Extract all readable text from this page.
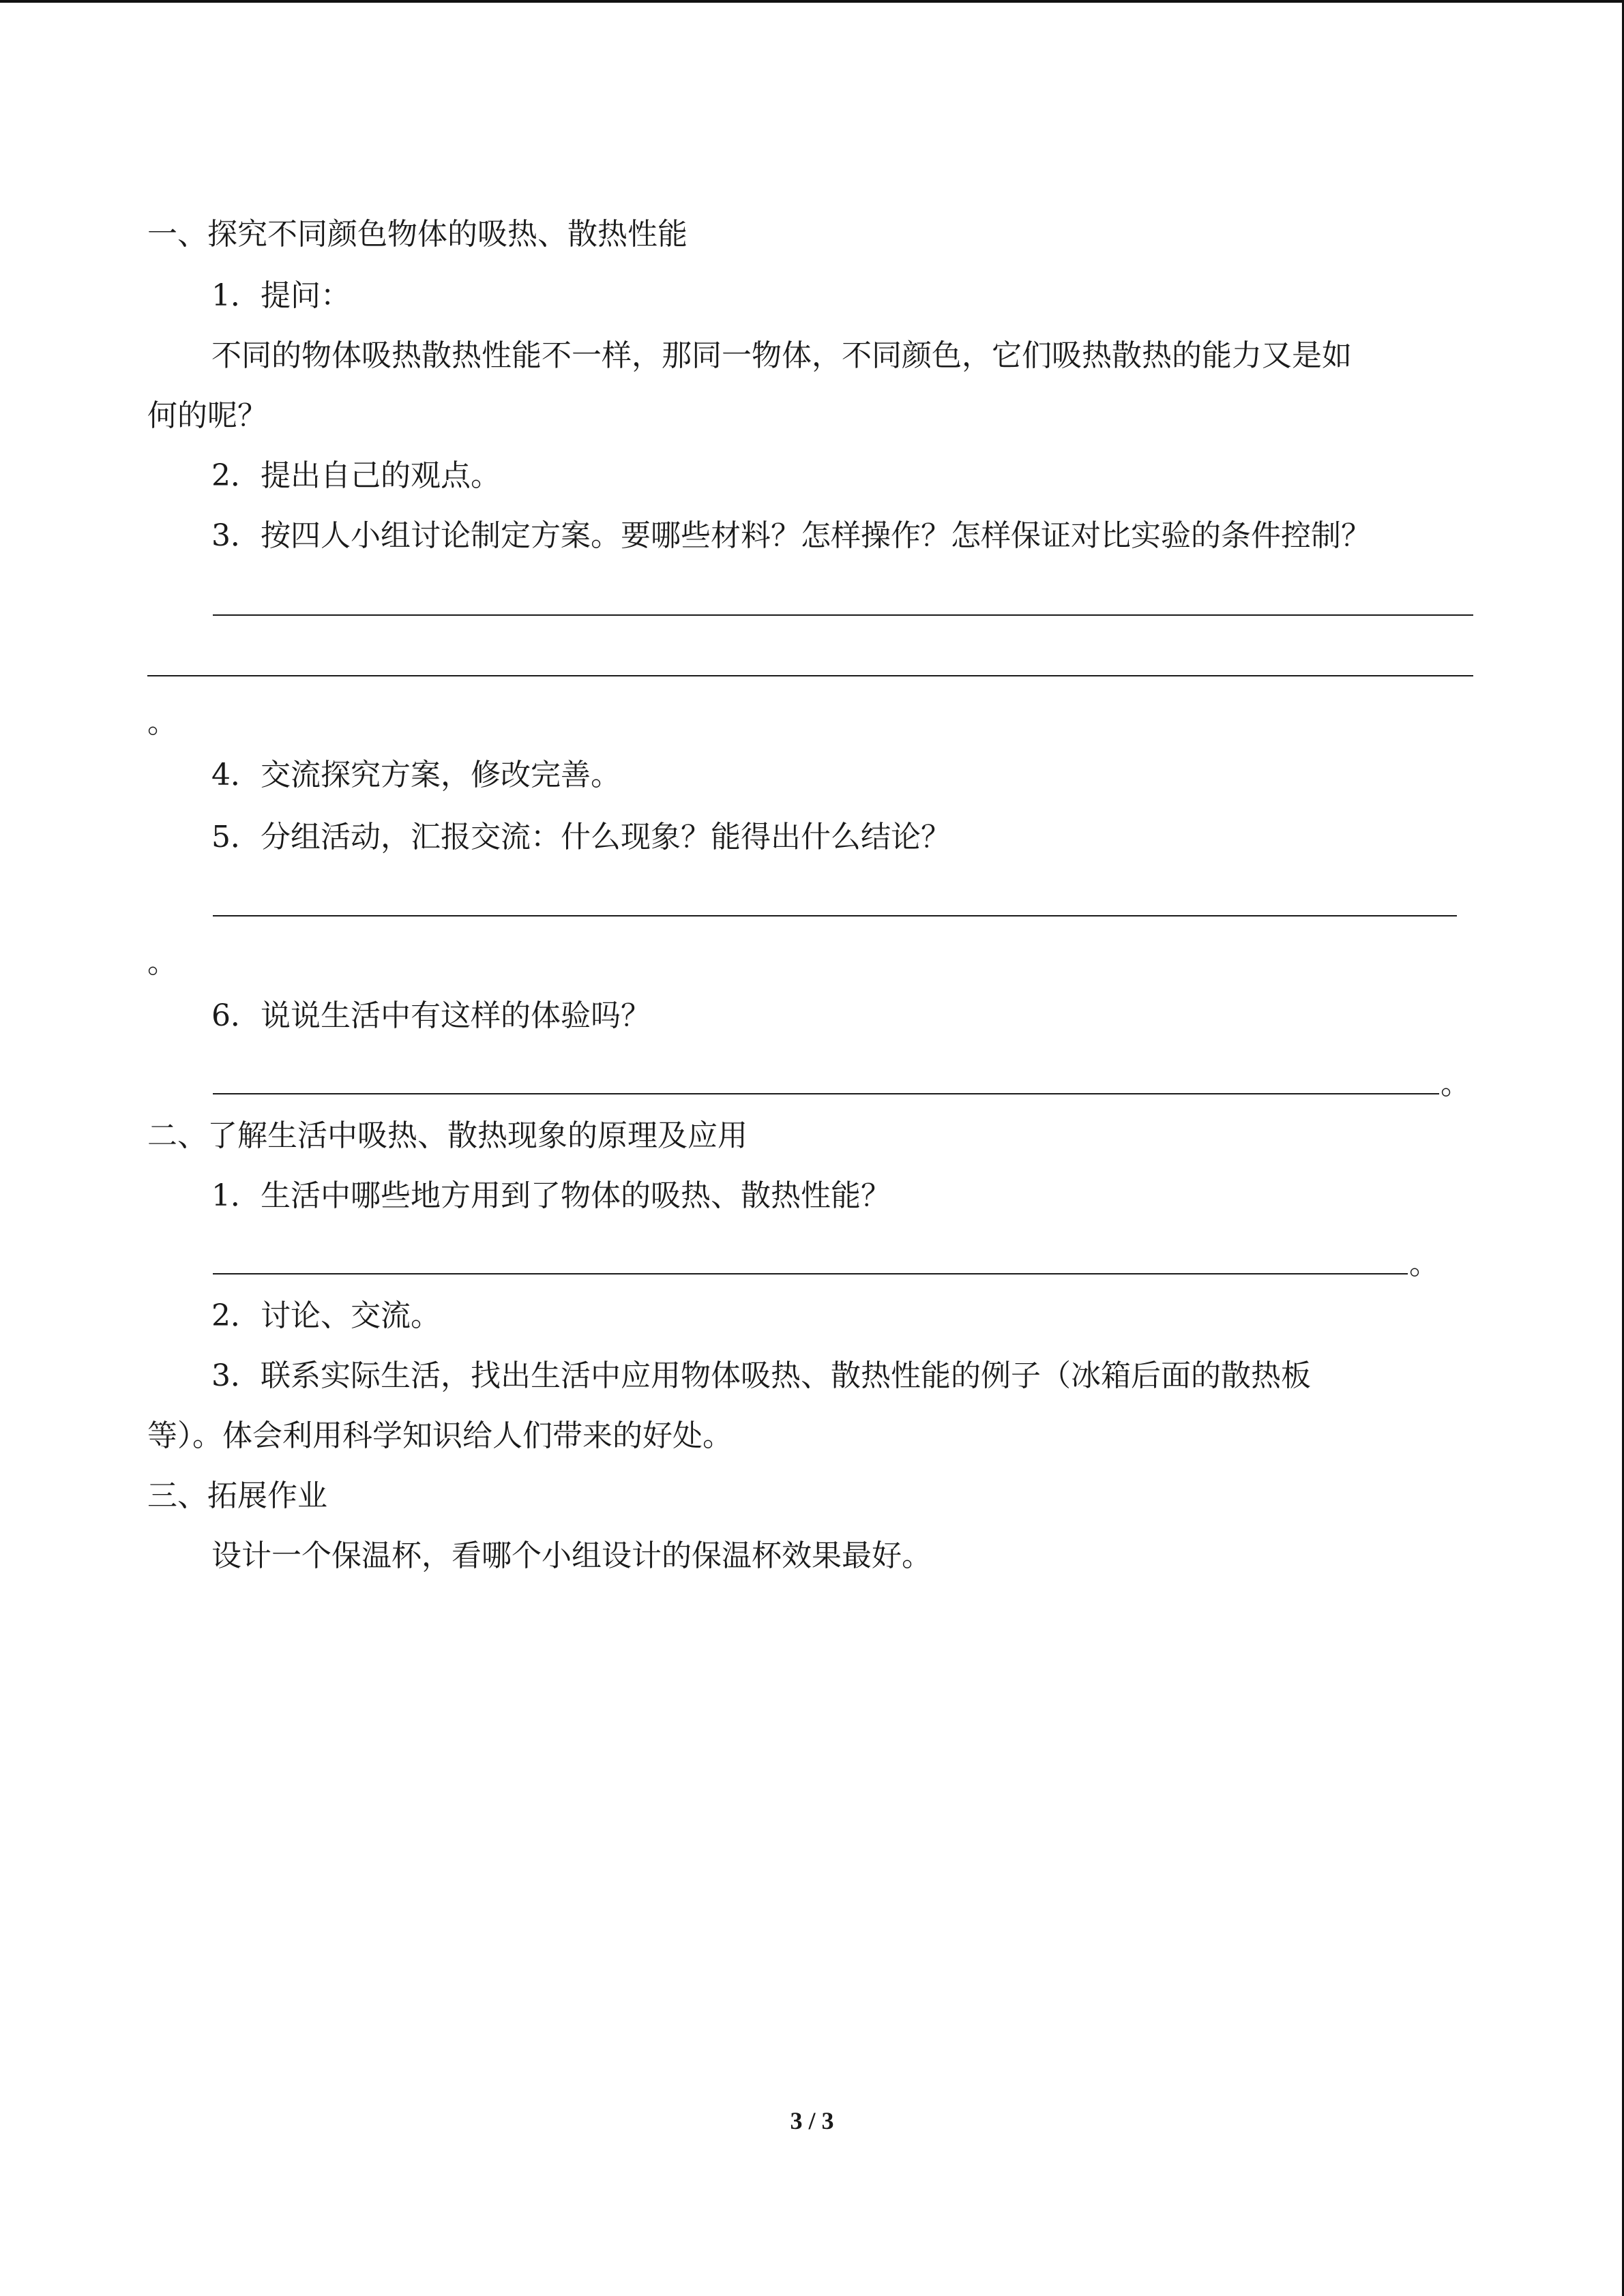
一、探究不同颜色物体的吸热、散热性能
1．提问：
不同的物体吸热散热性能不一样，那同一物体，不同颜色，它们吸热散热的能力又是如
何的呢？
2．提出自己的观点。
3．按四人小组讨论制定方案。要哪些材料？怎样操作？怎样保证对比实验的条件控制？
。
4．交流探究方案，修改完善。
5．分组活动，汇报交流：什么现象？能得出什么结论？
。
6．说说生活中有这样的体验吗？
。
二、了解生活中吸热、散热现象的原理及应用
1．生活中哪些地方用到了物体的吸热、散热性能？
。
2．讨论、交流。
3．联系实际生活，找出生活中应用物体吸热、散热性能的例子（冰箱后面的散热板
等）。体会利用科学知识给人们带来的好处。
三、拓展作业
设计一个保温杯，看哪个小组设计的保温杯效果最好。
3 / 3
